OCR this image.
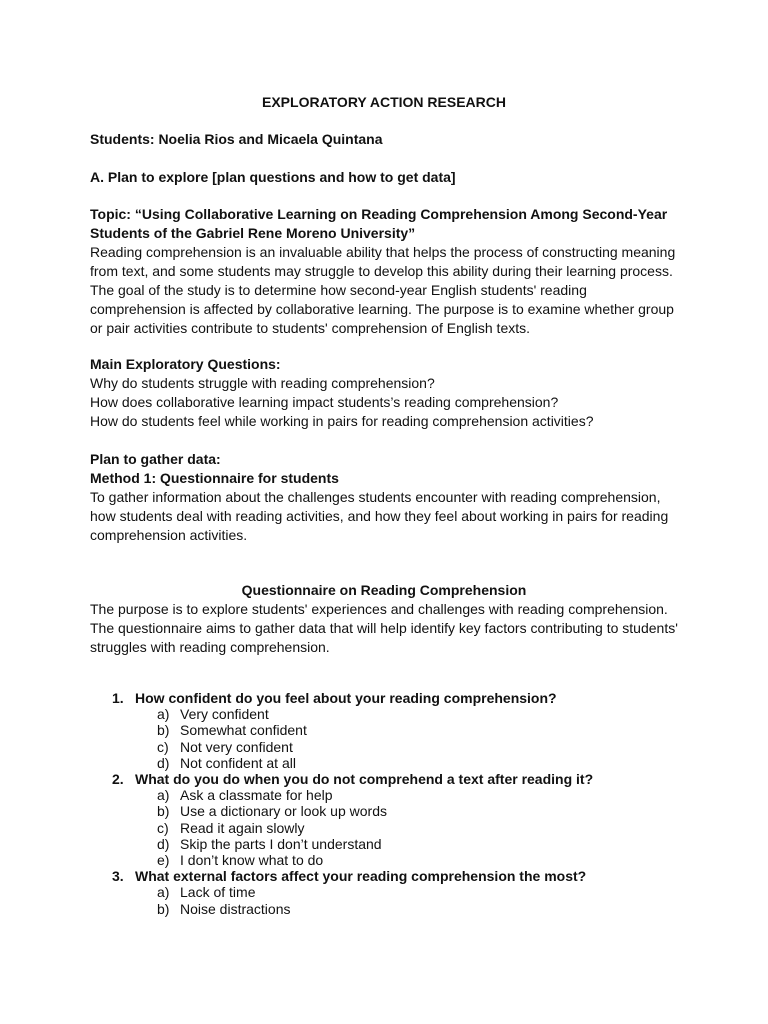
EXPLORATORY ACTION RESEARCH
Students: Noelia Rios and Micaela Quintana
A. Plan to explore [plan questions and how to get data]

Topic: “Using Collaborative Learning on Reading Comprehension Among Second-Year

Students of the Gabriel Rene Moreno University”

Reading comprehension is an invaluable ability that helps the process of constructing meaning

from text, and some students may struggle to develop this ability during their learning process.

The goal of the study is to determine how second-year English students' reading

comprehension is affected by collaborative learning. The purpose is to examine whether group

or pair activities contribute to students' comprehension of English texts.

Main Exploratory Questions:

Why do students struggle with reading comprehension?

How does collaborative learning impact students’s reading comprehension?

How do students feel while working in pairs for reading comprehension activities?

Plan to gather data:

Method 1: Questionnaire for students

To gather information about the challenges students encounter with reading comprehension,

how students deal with reading activities, and how they feel about working in pairs for reading

comprehension activities.

Questionnaire on Reading Comprehension

The purpose is to explore students' experiences and challenges with reading comprehension.

The questionnaire aims to gather data that will help identify key factors contributing to students'

struggles with reading comprehension.

1. How confident do you feel about your reading comprehension?
a) Very confident
b) Somewhat confident
c) Not very confident
d) Not confident at all
2. What do you do when you do not comprehend a text after reading it?
a) Ask a classmate for help
b) Use a dictionary or look up words
c) Read it again slowly
d) Skip the parts I don’t understand
e) I don’t know what to do
3. What external factors affect your reading comprehension the most?
a) Lack of time
b) Noise distractions
